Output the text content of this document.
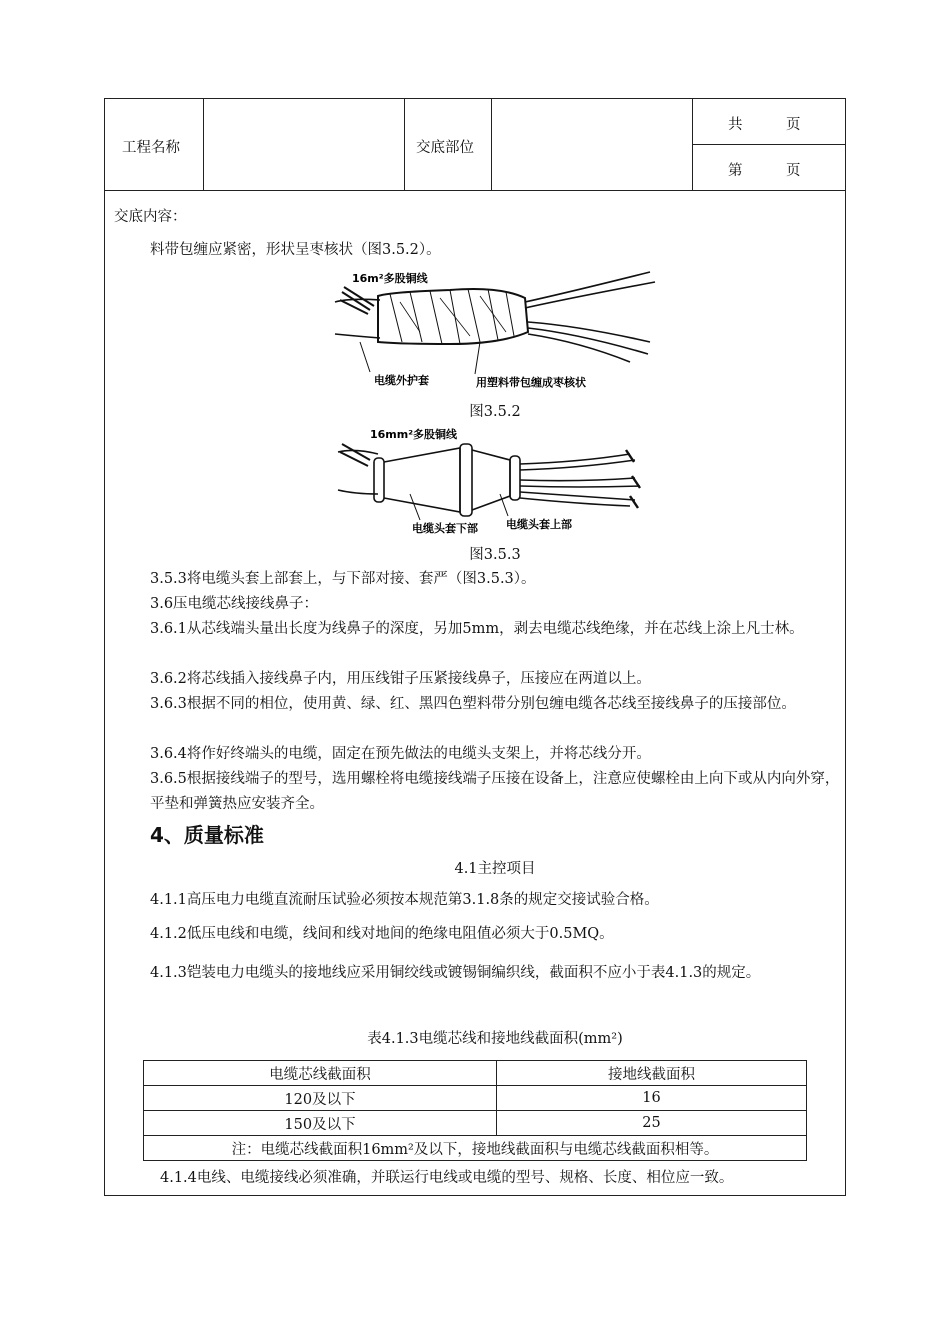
工程名称	交底部位
共　　　页
第　　　页
交底内容：
料带包缠应紧密，形状呈枣核状（图3.5.2）。
16m²多股铜线
电缆外护套	用塑料带包缠成枣核状
图3.5.2
16mm²多股铜线
电缆头套下部	电缆头套上部
图3.5.3
3.5.3将电缆头套上部套上，与下部对接、套严（图3.5.3）。
3.6压电缆芯线接线鼻子：
3.6.1从芯线端头量出长度为线鼻子的深度，另加5mm，剥去电缆芯线绝缘，并在芯线上涂上凡士林。
3.6.2将芯线插入接线鼻子内，用压线钳子压紧接线鼻子，压接应在两道以上。
3.6.3根据不同的相位，使用黄、绿、红、黑四色塑料带分别包缠电缆各芯线至接线鼻子的压接部位。
3.6.4将作好终端头的电缆，固定在预先做法的电缆头支架上，并将芯线分开。
3.6.5根据接线端子的型号，选用螺栓将电缆接线端子压接在设备上，注意应使螺栓由上向下或从内向外穿，平垫和弹簧热应安装齐全。
4、质量标准
4.1主控项目
4.1.1高压电力电缆直流耐压试验必须按本规范第3.1.8条的规定交接试验合格。
4.1.2低压电线和电缆，线间和线对地间的绝缘电阻值必须大于0.5MQ。
4.1.3铠装电力电缆头的接地线应采用铜绞线或镀锡铜编织线，截面积不应小于表4.1.3的规定。
表4.1.3电缆芯线和接地线截面积(mm²)
电缆芯线截面积	接地线截面积
120及以下	16
150及以下	25
注：电缆芯线截面积16mm²及以下，接地线截面积与电缆芯线截面积相等。	
4.1.4电线、电缆接线必须准确，并联运行电线或电缆的型号、规格、长度、相位应一致。
